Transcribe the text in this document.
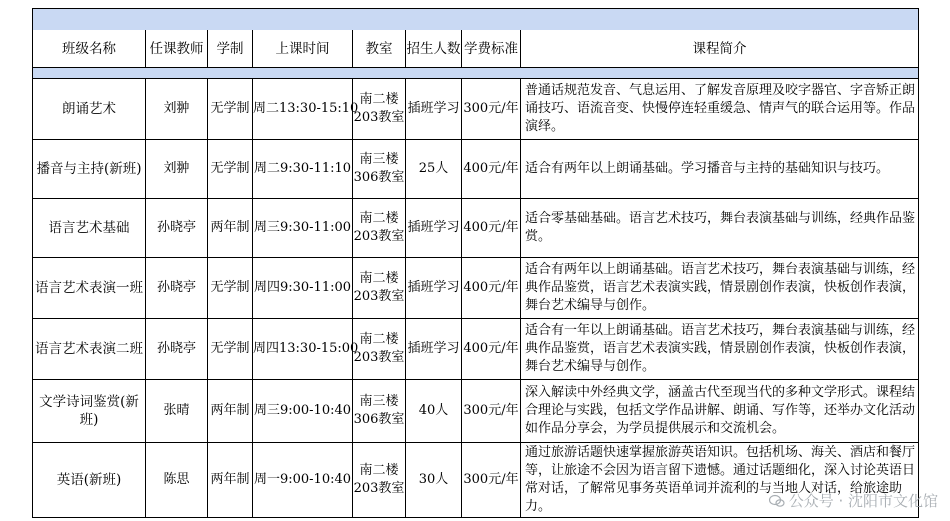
班级名称	任课教师	学制	上课时间	教室	招生人数	学费标准	课程简介

朗诵艺术	刘翀	无学制	周二13:30-15:10	南二楼203教室	插班学习	300元/年	普通话规范发音、气息运用、了解发音原理及咬字器官、字音矫正朗诵技巧、语流音变、快慢停连轻重缓急、情声气的联合运用等。作品演绎。
播音与主持(新班)	刘翀	无学制	周二9:30-11:10	南三楼306教室	25人	400元/年	适合有两年以上朗诵基础。学习播音与主持的基础知识与技巧。
语言艺术基础	孙晓亭	两年制	周三9:30-11:00	南二楼203教室	插班学习	400元/年	适合零基础基础。语言艺术技巧，舞台表演基础与训练，经典作品鉴赏。
语言艺术表演一班	孙晓亭	无学制	周四9:30-11:00	南二楼203教室	插班学习	400元/年	适合有两年以上朗诵基础。语言艺术技巧，舞台表演基础与训练，经典作品鉴赏，语言艺术表演实践，情景剧创作表演，快板创作表演，舞台艺术编导与创作。
语言艺术表演二班	孙晓亭	无学制	周四13:30-15:00	南二楼203教室	插班学习	400元/年	适合有一年以上朗诵基础。语言艺术技巧，舞台表演基础与训练，经典作品鉴赏，语言艺术表演实践，情景剧创作表演，快板创作表演，舞台艺术编导与创作。
文学诗词鉴赏(新班)	张晴	两年制	周三9:00-10:40	南三楼306教室	40人	300元/年	深入解读中外经典文学，涵盖古代至现当代的多种文学形式。课程结合理论与实践，包括文学作品讲解、朗诵、写作等，还举办文化活动如作品分享会，为学员提供展示和交流机会。
英语(新班)	陈思	两年制	周一9:00-10:40	南二楼203教室	30人	300元/年	通过旅游话题快速掌握旅游英语知识。包括机场、海关、酒店和餐厅等，让旅途不会因为语言留下遗憾。通过话题细化，深入讨论英语日常对话，了解常见事务英语单词并流利的与当地人对话，给旅途助力。	公众号 · 沈阳市文化馆
